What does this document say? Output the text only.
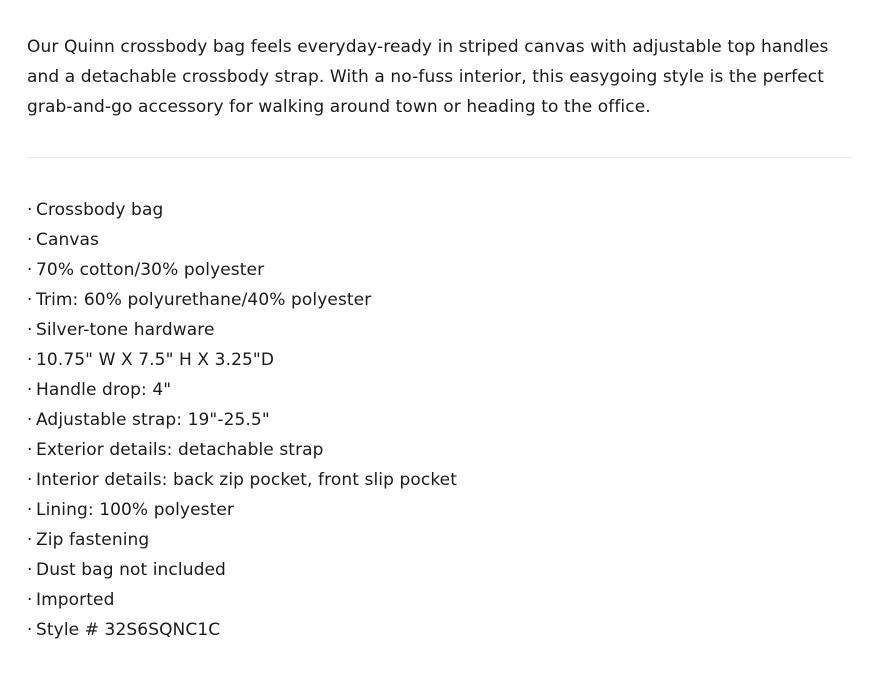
Our Quinn crossbody bag feels everyday-ready in striped canvas with adjustable top handles and a detachable crossbody strap. With a no-fuss interior, this easygoing style is the perfect grab-and-go accessory for walking around town or heading to the office.

· Crossbody bag
· Canvas
· 70% cotton/30% polyester
· Trim: 60% polyurethane/40% polyester
· Silver-tone hardware
· 10.75" W X 7.5" H X 3.25"D
· Handle drop: 4"
· Adjustable strap: 19"-25.5"
· Exterior details: detachable strap
· Interior details: back zip pocket, front slip pocket
· Lining: 100% polyester
· Zip fastening
· Dust bag not included
· Imported
· Style # 32S6SQNC1C
